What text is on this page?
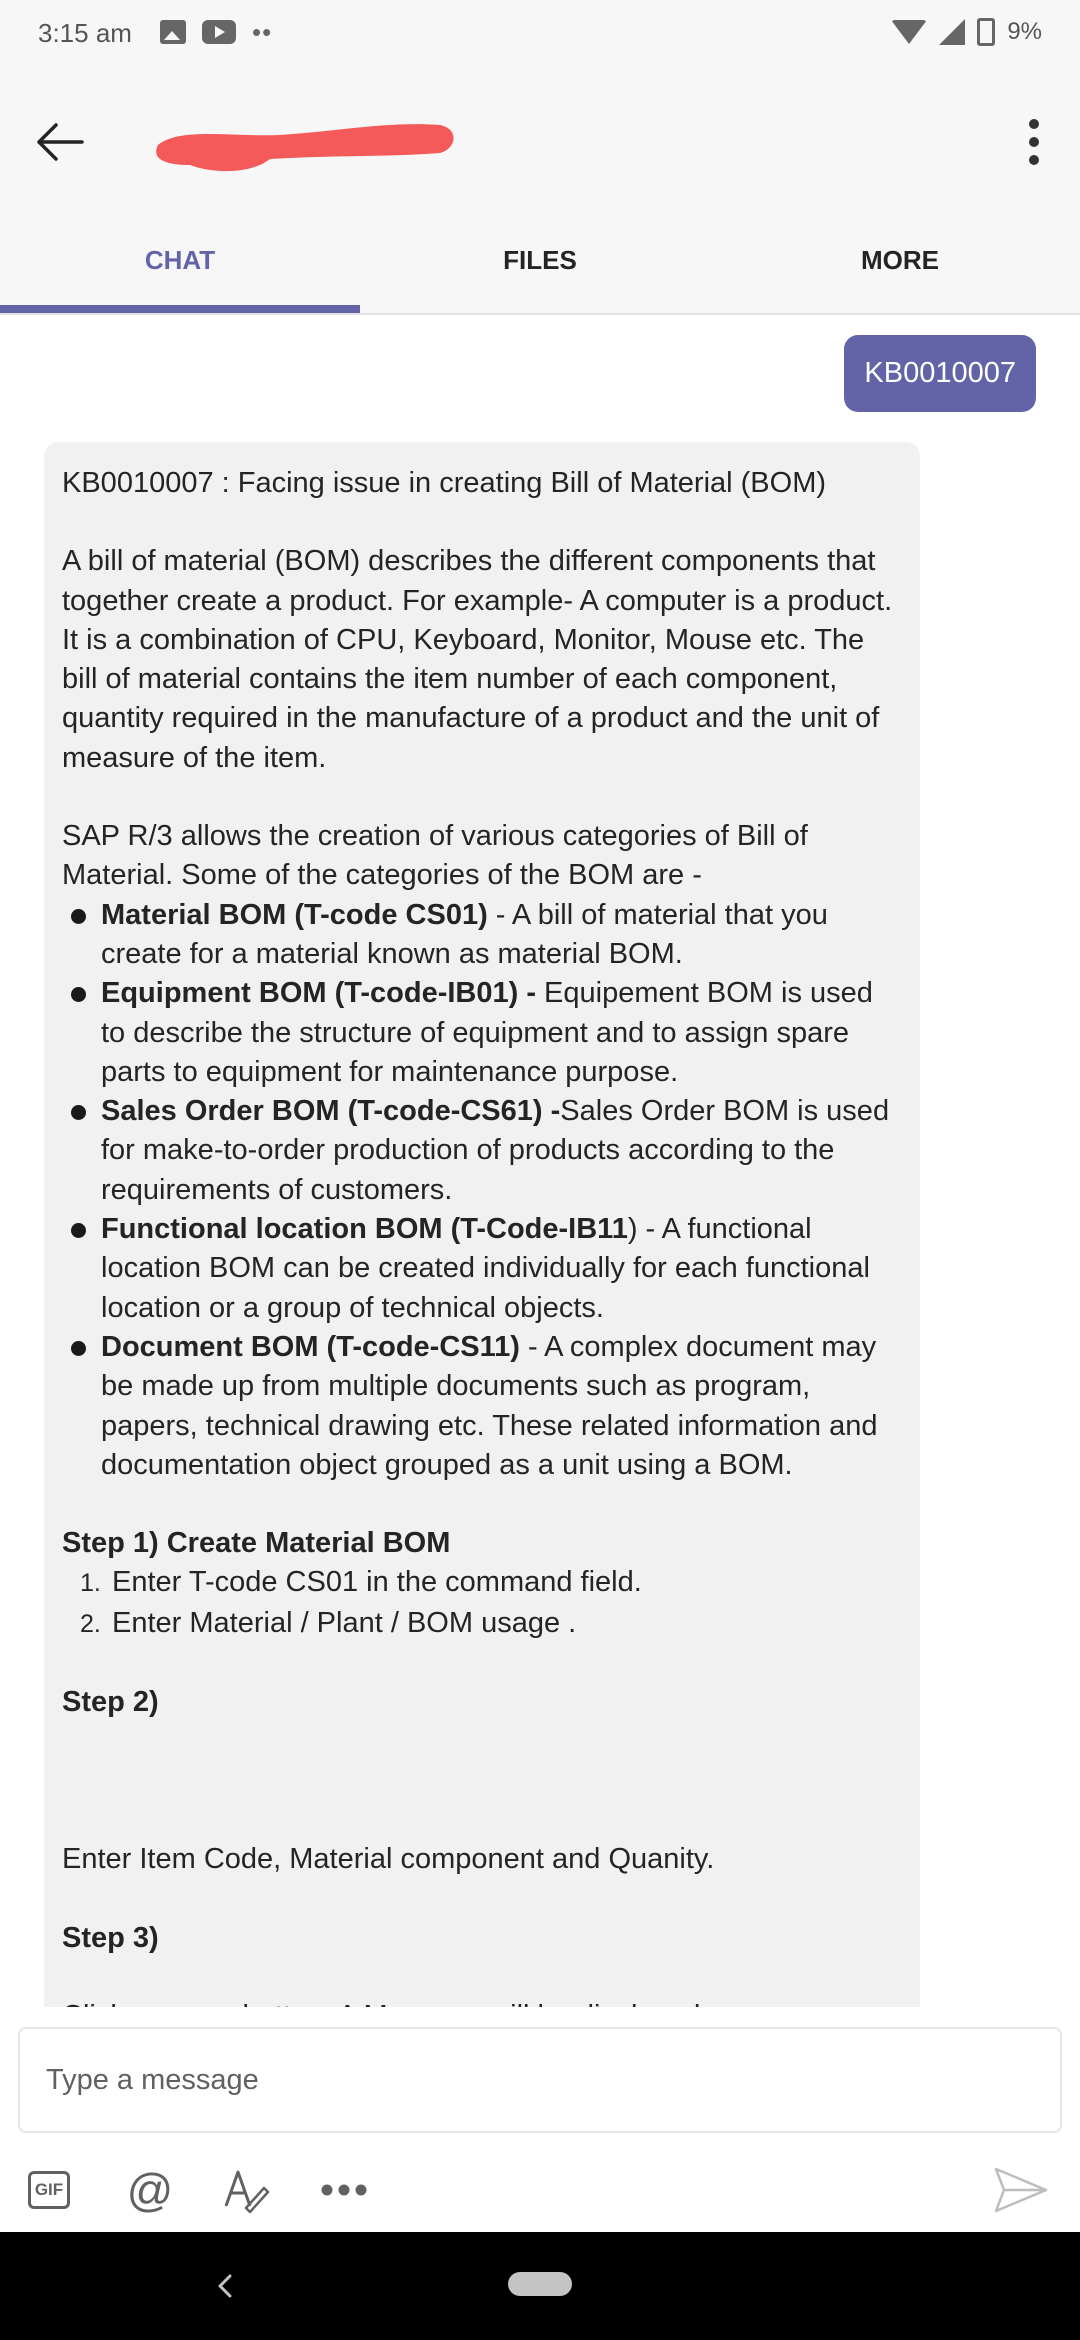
3:15 am	••	9%
CHAT	FILES	MORE
KB0010007

KB0010007 : Facing issue in creating Bill of Material (BOM)

A bill of material (BOM) describes the different components that together create a product. For example- A computer is a product. It is a combination of CPU, Keyboard, Monitor, Mouse etc. The bill of material contains the item number of each component, quantity required in the manufacture of a product and the unit of measure of the item.

SAP R/3 allows the creation of various categories of Bill of Material. Some of the categories of the BOM are -

Material BOM (T-code CS01) - A bill of material that you create for a material known as material BOM.
Equipment BOM (T-code-IB01) - Equipement BOM is used to describe the structure of equipment and to assign spare parts to equipment for maintenance purpose.
Sales Order BOM (T-code-CS61) -Sales Order BOM is used for make-to-order production of products according to the requirements of customers.
Functional location BOM (T-Code-IB11) - A functional location BOM can be created individually for each functional location or a group of technical objects.
Document BOM (T-code-CS11) - A complex document may be made up from multiple documents such as program, papers, technical drawing etc. These related information and documentation object grouped as a unit using a BOM.

Step 1) Create Material BOM

1. Enter T-code CS01 in the command field.
2. Enter Material / Plant / BOM usage .

Step 2)

Enter Item Code, Material component and Quanity.

Step 3)

Type a message
GIF @
